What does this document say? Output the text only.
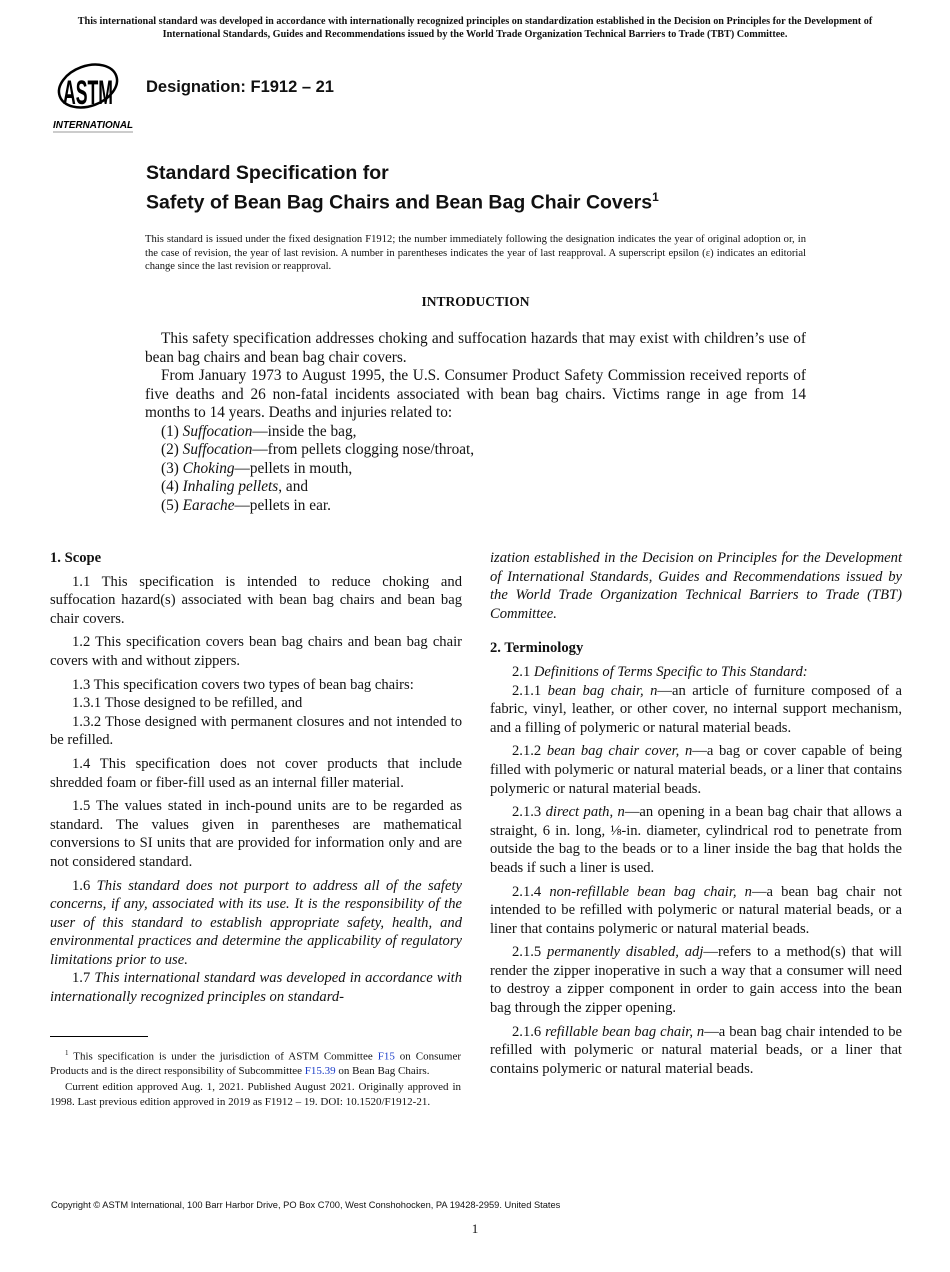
This international standard was developed in accordance with internationally recognized principles on standardization established in the Decision on Principles for the Development of International Standards, Guides and Recommendations issued by the World Trade Organization Technical Barriers to Trade (TBT) Committee.
ASTM
INTERNATIONAL
Designation: F1912 – 21
Standard Specification for
Safety of Bean Bag Chairs and Bean Bag Chair Covers$^1$
This standard is issued under the fixed designation F1912; the number immediately following the designation indicates the year of original adoption or, in the case of revision, the year of last revision. A number in parentheses indicates the year of last reapproval. A superscript epsilon (ε) indicates an editorial change since the last revision or reapproval.
INTRODUCTION

This safety specification addresses choking and suffocation hazards that may exist with children’s use of bean bag chairs and bean bag chair covers.

From January 1973 to August 1995, the U.S. Consumer Product Safety Commission received reports of five deaths and 26 non-fatal incidents associated with bean bag chairs. Victims range in age from 14 months to 14 years. Deaths and injuries related to:

(1) Suffocation—inside the bag,

(2) Suffocation—from pellets clogging nose/throat,

(3) Choking—pellets in mouth,

(4) Inhaling pellets, and

(5) Earache—pellets in ear.

1. Scope

1.1 This specification is intended to reduce choking and suffocation hazard(s) associated with bean bag chairs and bean bag chair covers.

1.2 This specification covers bean bag chairs and bean bag chair covers with and without zippers.

1.3 This specification covers two types of bean bag chairs:

1.3.1 Those designed to be refilled, and

1.3.2 Those designed with permanent closures and not intended to be refilled.

1.4 This specification does not cover products that include shredded foam or fiber-fill used as an internal filler material.

1.5 The values stated in inch-pound units are to be regarded as standard. The values given in parentheses are mathematical conversions to SI units that are provided for information only and are not considered standard.

1.6 This standard does not purport to address all of the safety concerns, if any, associated with its use. It is the responsibility of the user of this standard to establish appropriate safety, health, and environmental practices and determine the applicability of regulatory limitations prior to use.

1.7 This international standard was developed in accordance with internationally recognized principles on standard-

ization established in the Decision on Principles for the Development of International Standards, Guides and Recommendations issued by the World Trade Organization Technical Barriers to Trade (TBT) Committee.

2. Terminology

2.1 Definitions of Terms Specific to This Standard:

2.1.1 bean bag chair, n—an article of furniture composed of a fabric, vinyl, leather, or other cover, no internal support mechanism, and a filling of polymeric or natural material beads.

2.1.2 bean bag chair cover, n—a bag or cover capable of being filled with polymeric or natural material beads, or a liner that contains polymeric or natural material beads.

2.1.3 direct path, n—an opening in a bean bag chair that allows a straight, 6 in. long, ⅛-in. diameter, cylindrical rod to penetrate from outside the bag to the beads or to a liner inside the bag that holds the beads if such a liner is used.

2.1.4 non-refillable bean bag chair, n—a bean bag chair not intended to be refilled with polymeric or natural material beads, or a liner that contains polymeric or natural material beads.

2.1.5 permanently disabled, adj—refers to a method(s) that will render the zipper inoperative in such a way that a consumer will need to destroy a zipper component in order to gain access into the bean bag through the zipper opening.

2.1.6 refillable bean bag chair, n—a bean bag chair intended to be refilled with polymeric or natural material beads, or a liner that contains polymeric or natural material beads.

$^1$ This specification is under the jurisdiction of ASTM Committee F15 on Consumer Products and is the direct responsibility of Subcommittee F15.39 on Bean Bag Chairs.

Current edition approved Aug. 1, 2021. Published August 2021. Originally approved in 1998. Last previous edition approved in 2019 as F1912 – 19. DOI: 10.1520/F1912-21.

Copyright © ASTM International, 100 Barr Harbor Drive, PO Box C700, West Conshohocken, PA 19428-2959. United States
1
